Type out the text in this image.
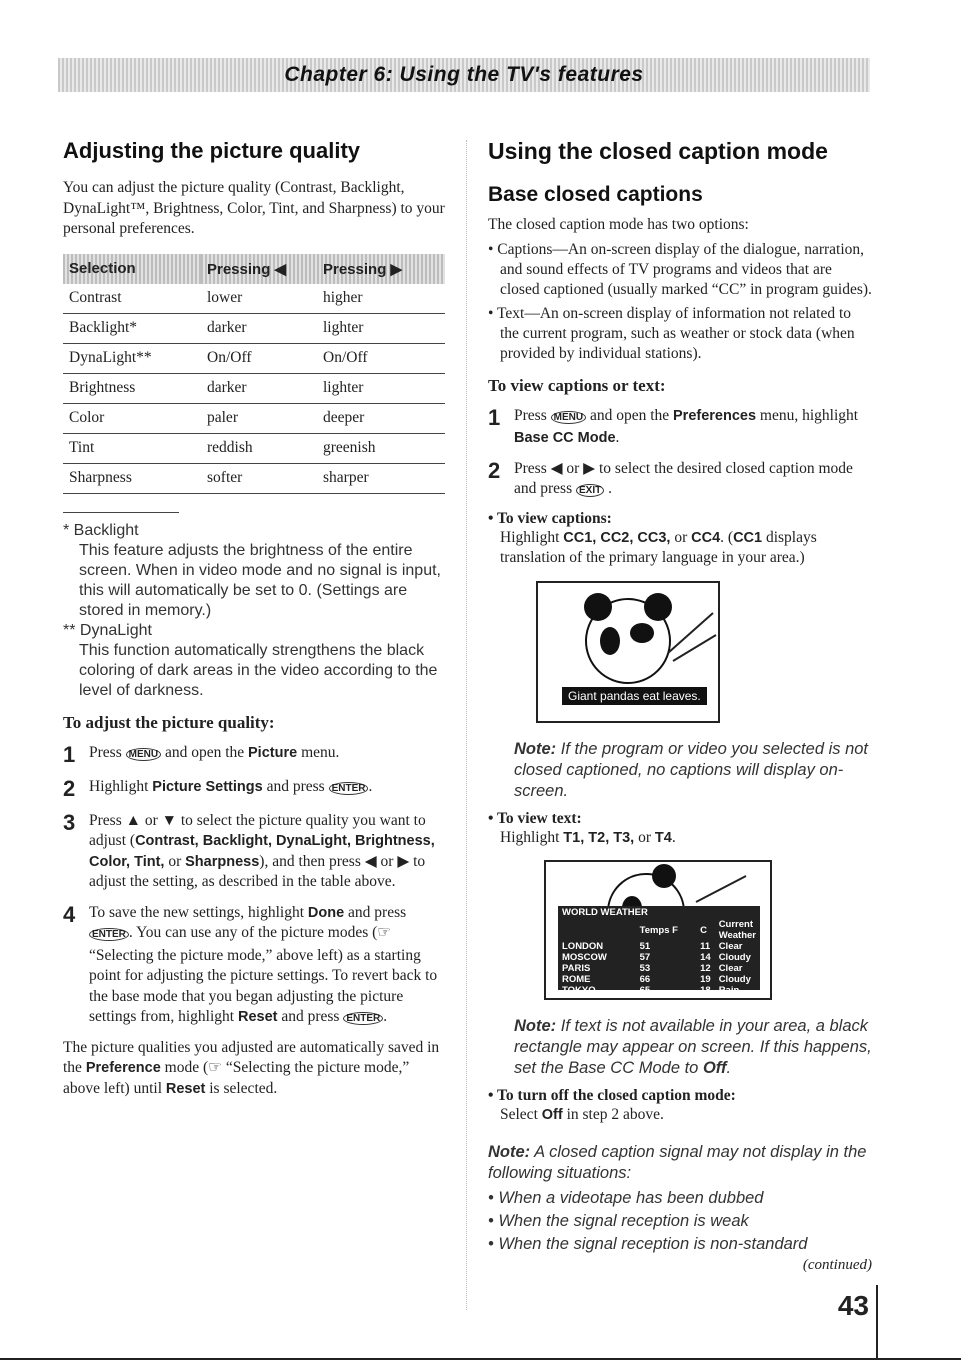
Chapter 6: Using the TV's features
Adjusting the picture quality

You can adjust the picture quality (Contrast, Backlight, DynaLight™, Brightness, Color, Tint, and Sharpness) to your personal preferences.

Selection	Pressing ◀	Pressing ▶
Contrast	lower	higher
Backlight*	darker	lighter
DynaLight**	On/Off	On/Off
Brightness	darker	lighter
Color	paler	deeper
Tint	reddish	greenish
Sharpness	softer	sharper
* Backlight
This feature adjusts the brightness of the entire screen. When in video mode and no signal is input, this will automatically be set to 0. (Settings are stored in memory.)
** DynaLight
This function automatically strengthens the black coloring of dark areas in the video according to the level of darkness.
To adjust the picture quality:
1 Press MENU and open the Picture menu.
2 Highlight Picture Settings and press ENTER .
3 Press ▲ or ▼ to select the picture quality you want to adjust (Contrast, Backlight, DynaLight, Brightness, Color, Tint, or Sharpness), and then press ◀ or ▶ to adjust the setting, as described in the table above.
4 To save the new settings, highlight Done and press ENTER . You can use any of the picture modes (☞ “Selecting the picture mode,” above left) as a starting point for adjusting the picture settings. To revert back to the base mode that you began adjusting the picture settings from, highlight Reset and press ENTER .

The picture qualities you adjusted are automatically saved in the Preference mode (☞ “Selecting the picture mode,” above left) until Reset is selected.

Using the closed caption mode
Base closed captions

The closed caption mode has two options:

• Captions—An on-screen display of the dialogue, narration, and sound effects of TV programs and videos that are closed captioned (usually marked “CC” in program guides).
• Text—An on-screen display of information not related to the current program, such as weather or stock data (when provided by individual stations).
To view captions or text:
1 Press MENU and open the Preferences menu, highlight Base CC Mode.
2 Press ◀ or ▶ to select the desired closed caption mode and press EXIT .
• To view captions:

Highlight CC1, CC2, CC3, or CC4. (CC1 displays translation of the primary language in your area.)

Giant pandas eat leaves.
Note: If the program or video you selected is not closed captioned, no captions will display on-screen.
• To view text:

Highlight T1, T2, T3, or T4.

WORLD WEATHER
	Temps F	C	Current Weather
LONDON	51	11	Clear
MOSCOW	57	14	Cloudy
PARIS	53	12	Clear
ROME	66	19	Cloudy
TOKYO	65	18	Rain
Note: If text is not available in your area, a black rectangle may appear on screen. If this happens, set the Base CC Mode to Off.
• To turn off the closed caption mode:

Select Off in step 2 above.

Note: A closed caption signal may not display in the following situations:
• When a videotape has been dubbed
• When the signal reception is weak
• When the signal reception is non-standard
(continued)
43
